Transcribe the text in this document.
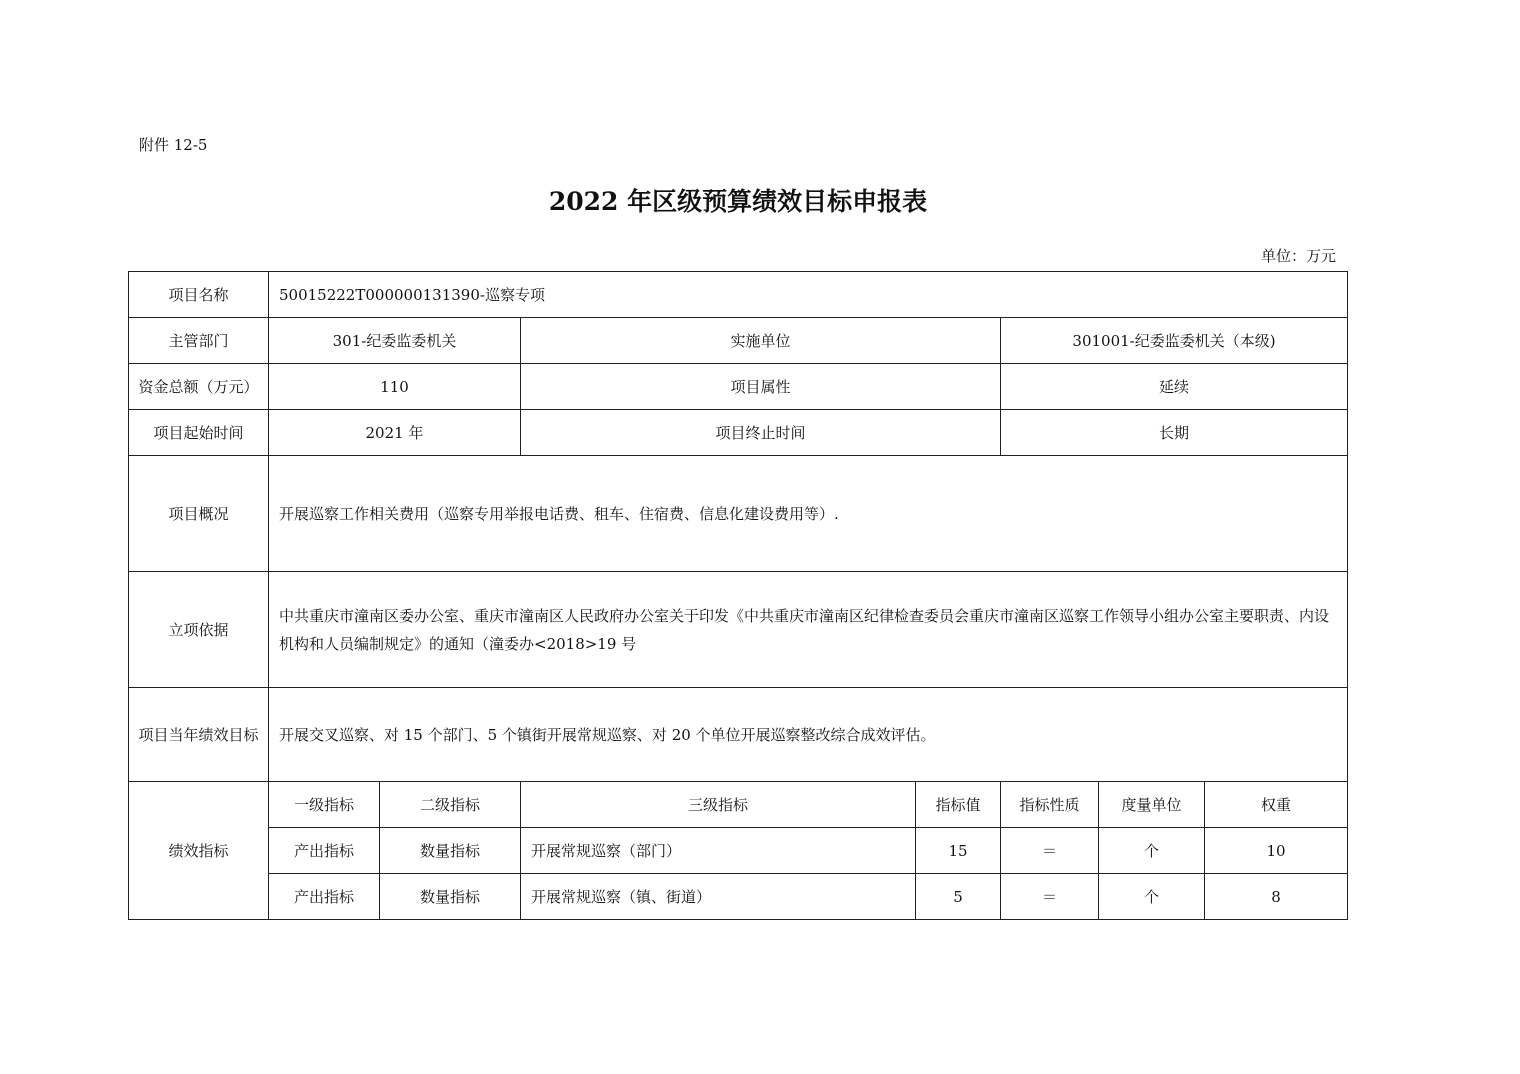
附件 12-5
2022 年区级预算绩效目标申报表
单位：万元
项目名称	50015222T000000131390-巡察专项						
主管部门	301-纪委监委机关		实施单位		301001-纪委监委机关（本级)		
资金总额（万元）	110		项目属性		延续		
项目起始时间	2021 年		项目终止时间		长期		
项目概况	开展巡察工作相关费用（巡察专用举报电话费、租车、住宿费、信息化建设费用等）.						
立项依据	中共重庆市潼南区委办公室、重庆市潼南区人民政府办公室关于印发《中共重庆市潼南区纪律检查委员会重庆市潼南区巡察工作领导小组办公室主要职责、内设机构和人员编制规定》的通知（潼委办<2018>19 号						
项目当年绩效目标	开展交叉巡察、对 15 个部门、5 个镇街开展常规巡察、对 20 个单位开展巡察整改综合成效评估。						
绩效指标	一级指标	二级指标	三级指标	指标值	指标性质	度量单位	权重
	产出指标	数量指标	开展常规巡察（部门）	15	＝	个	10
	产出指标	数量指标	开展常规巡察（镇、街道）	5	＝	个	8
